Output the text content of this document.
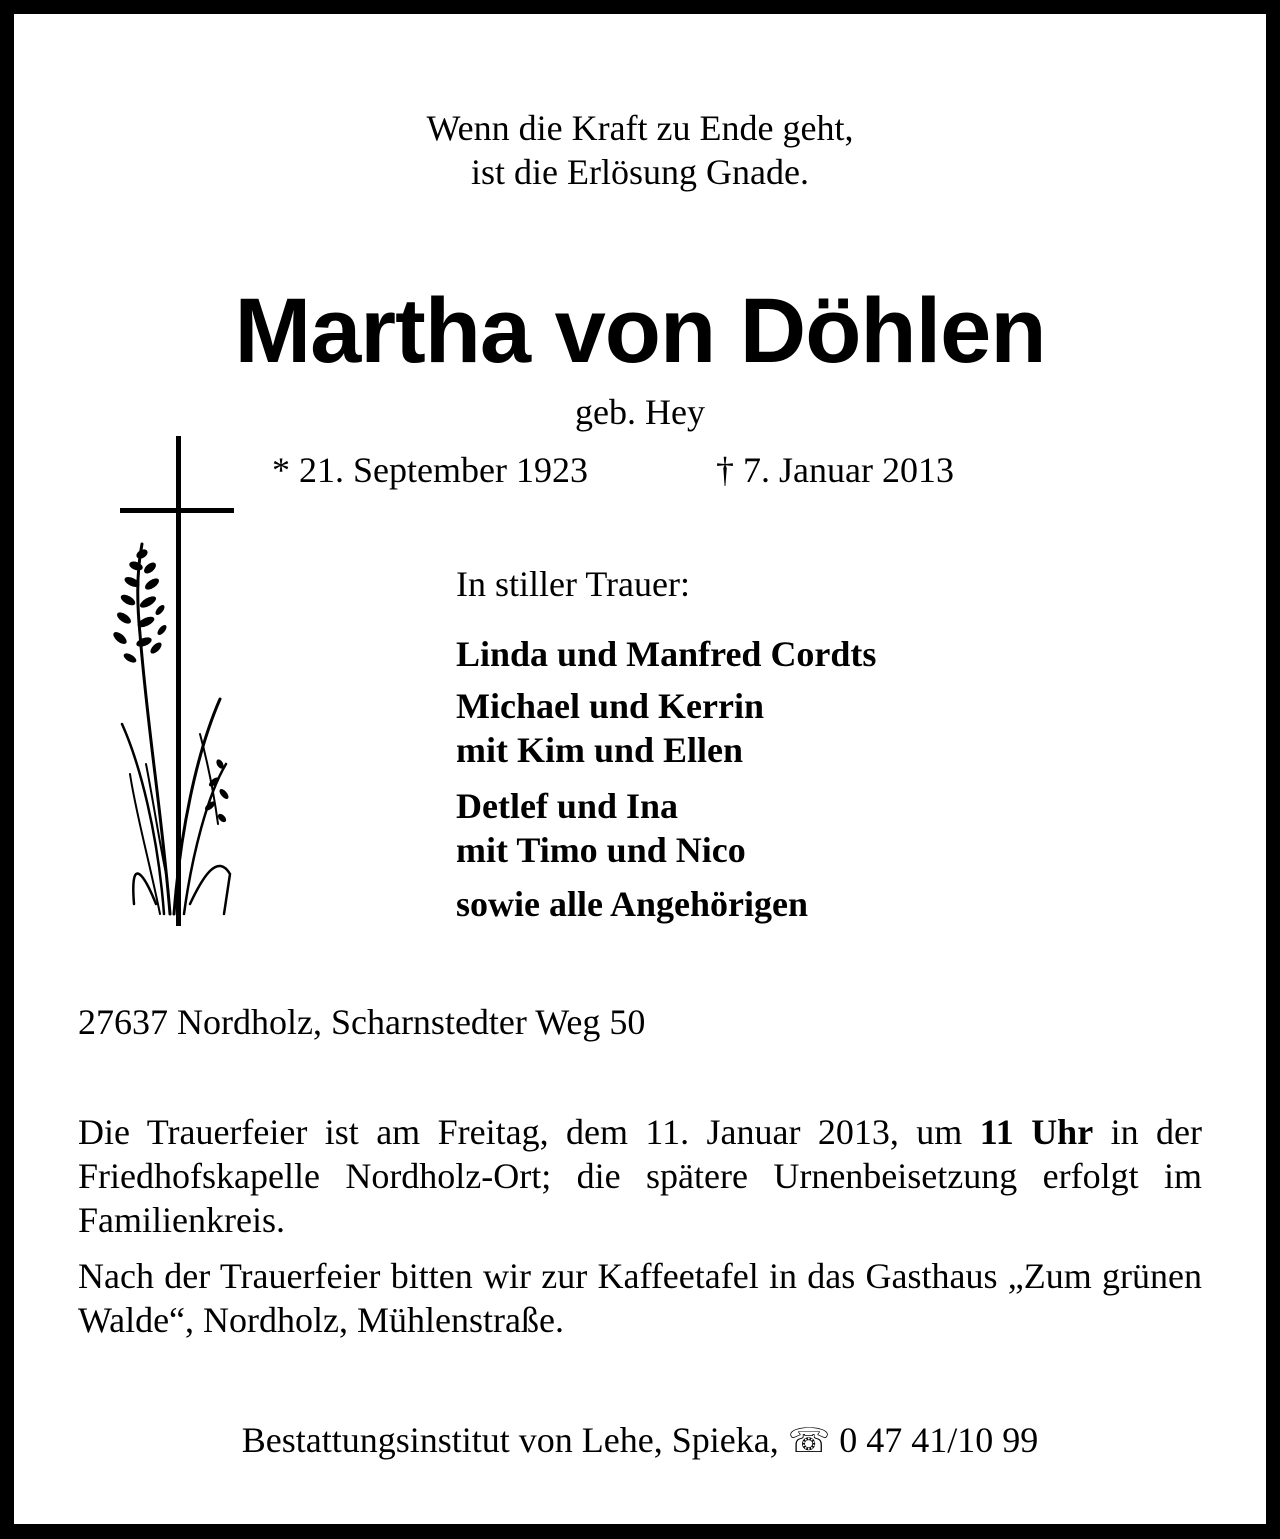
Wenn die Kraft zu Ende geht,
ist die Erlösung Gnade.
Martha von Döhlen
geb. Hey
* 21. September 1923	† 7. Januar 2013
In stiller Trauer:
Linda und Manfred Cordts
Michael und Kerrin
mit Kim und Ellen
Detlef und Ina
mit Timo und Nico
sowie alle Angehörigen
27637 Nordholz, Scharnstedter Weg 50
Die Trauerfeier ist am Freitag, dem 11. Januar 2013, um 11 Uhr in der Friedhofskapelle Nordholz-Ort; die spätere Urnenbeisetzung erfolgt im Familienkreis.
Nach der Trauerfeier bitten wir zur Kaffeetafel in das Gasthaus „Zum grünen Walde“, Nordholz, Mühlenstraße.
Bestattungsinstitut von Lehe, Spieka, ☏ 0 47 41/10 99
